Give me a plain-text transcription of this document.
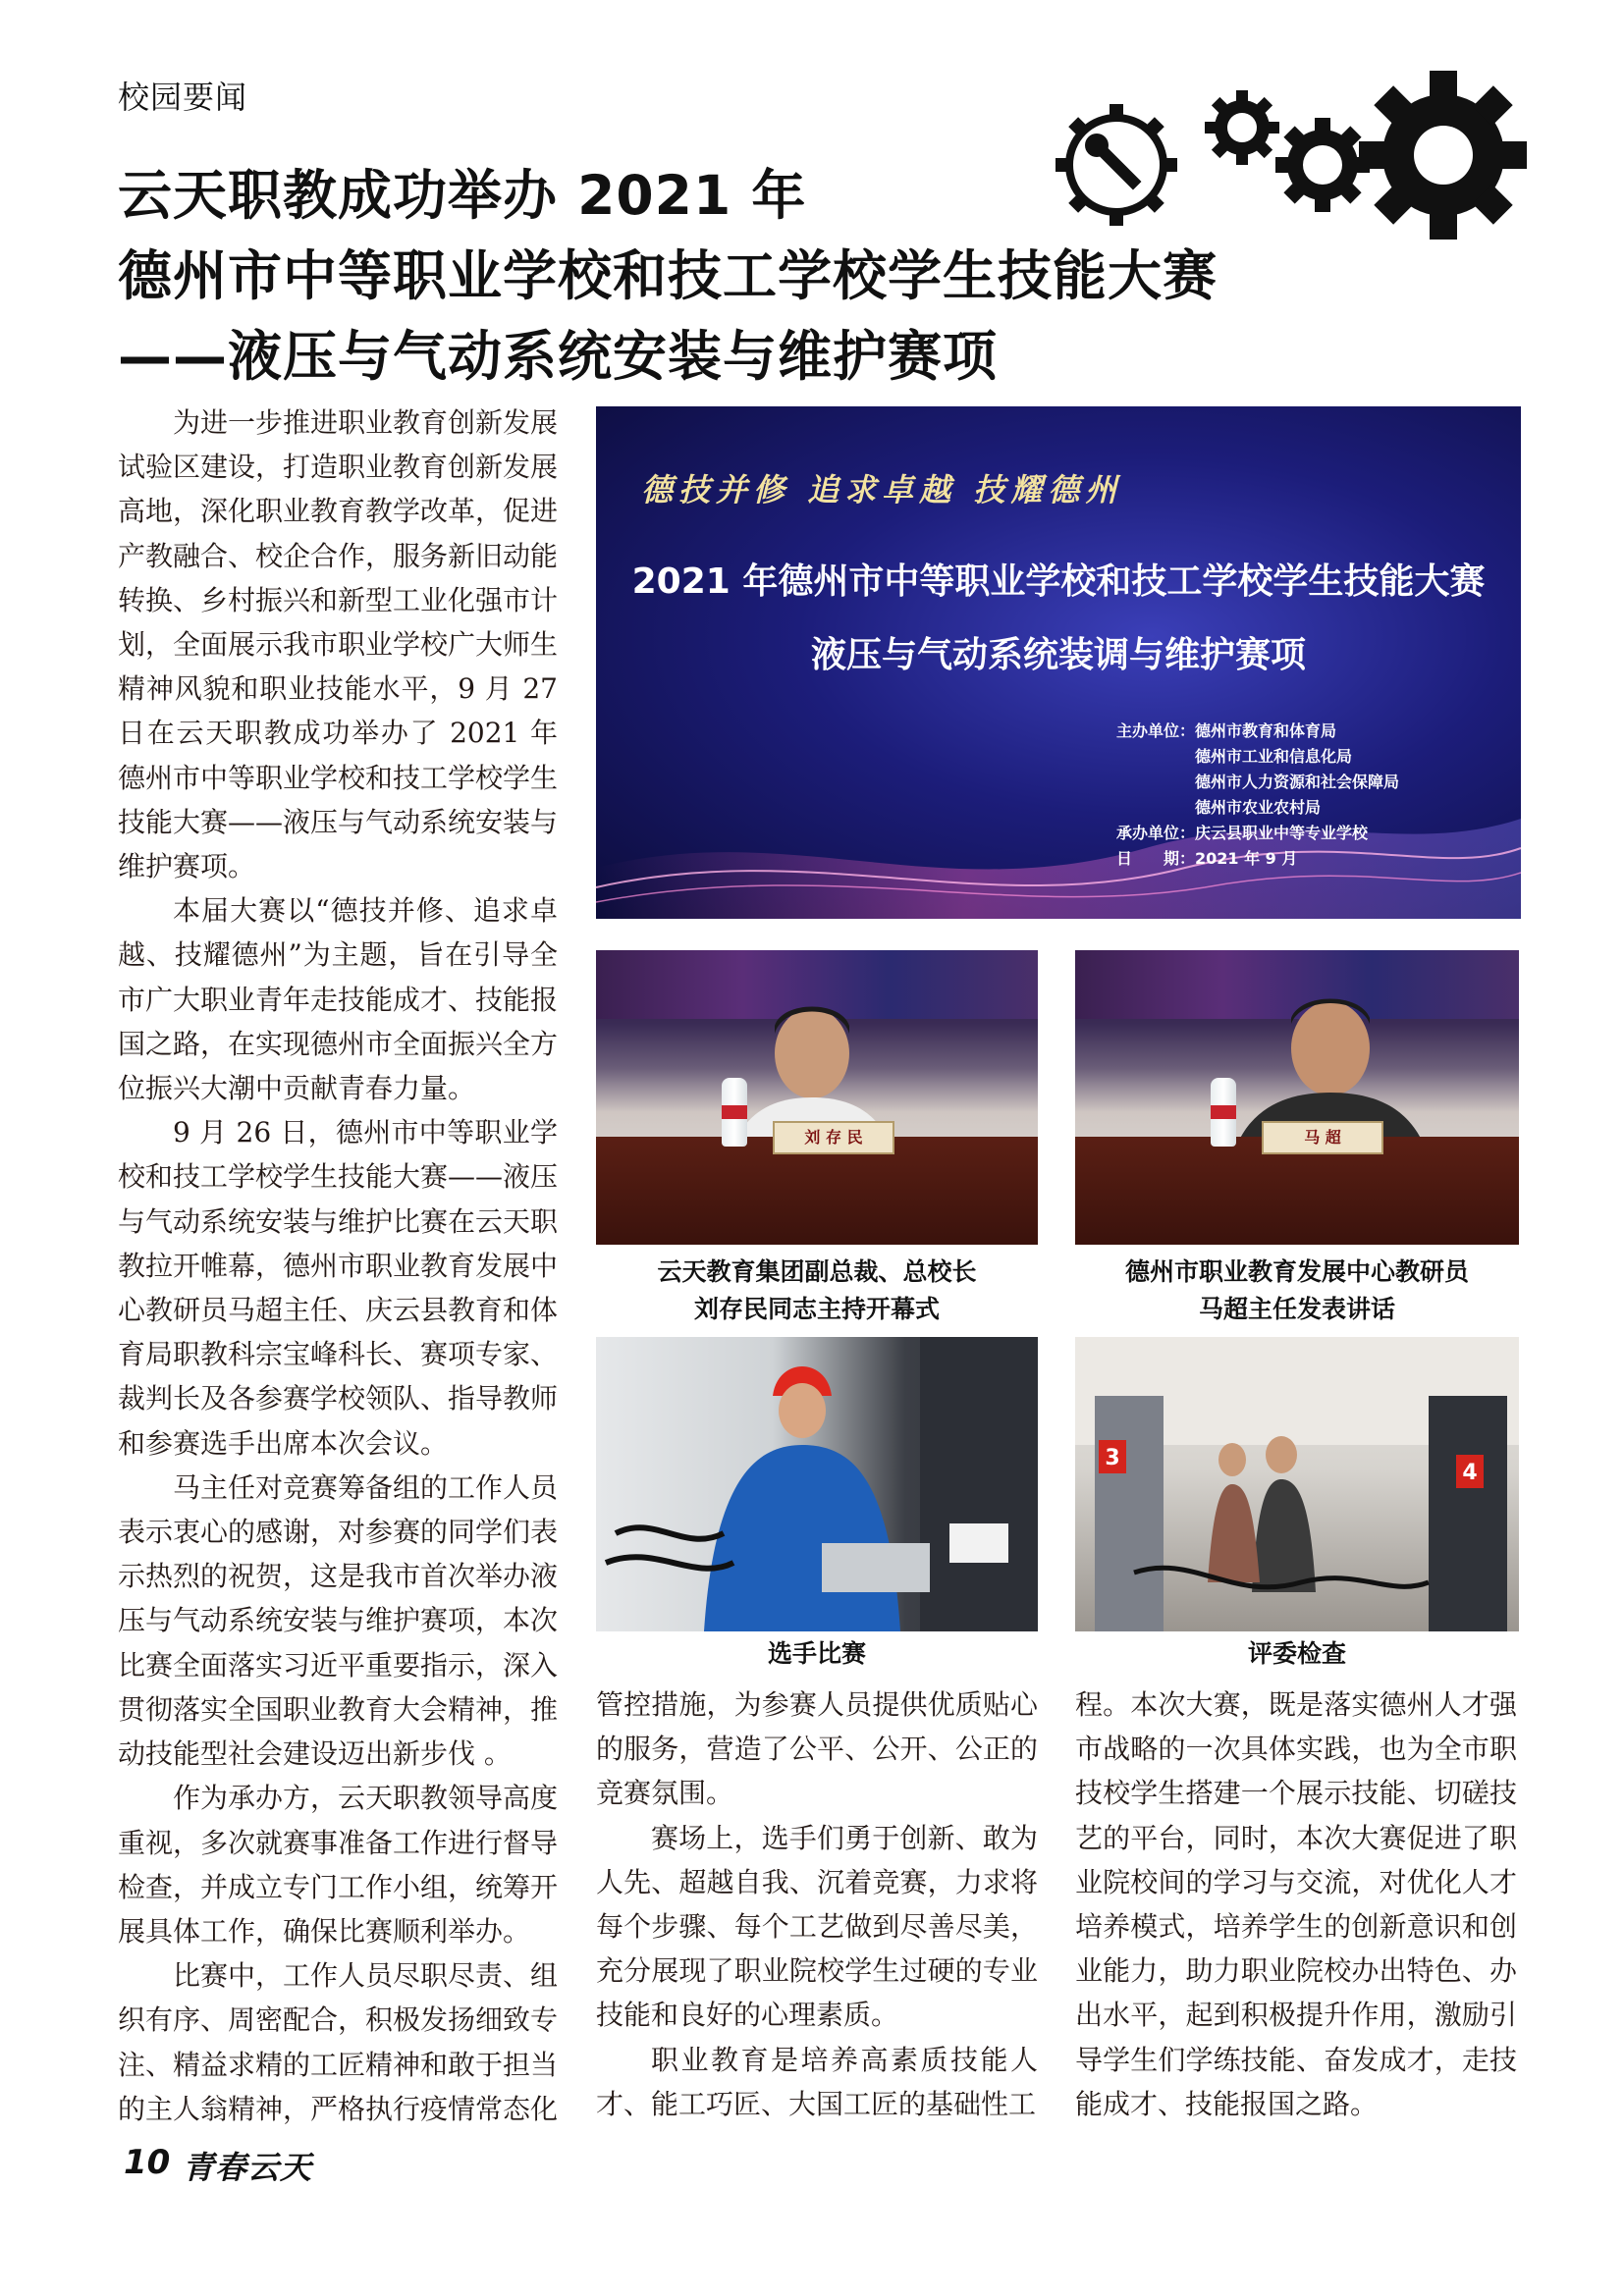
校园要闻
云天职教成功举办 2021 年
德州市中等职业学校和技工学校学生技能大赛
——液压与气动系统安装与维护赛项

为进一步推进职业教育创新发展试验区建设，打造职业教育创新发展高地，深化职业教育教学改革，促进产教融合、校企合作，服务新旧动能转换、乡村振兴和新型工业化强市计划，全面展示我市职业学校广大师生精神风貌和职业技能水平，9 月 27 日在云天职教成功举办了 2021 年德州市中等职业学校和技工学校学生技能大赛——液压与气动系统安装与维护赛项。

本届大赛以“德技并修、追求卓越、技耀德州”为主题，旨在引导全市广大职业青年走技能成才、技能报国之路，在实现德州市全面振兴全方位振兴大潮中贡献青春力量。

9 月 26 日，德州市中等职业学校和技工学校学生技能大赛——液压与气动系统安装与维护比赛在云天职教拉开帷幕，德州市职业教育发展中心教研员马超主任、庆云县教育和体育局职教科宗宝峰科长、赛项专家、裁判长及各参赛学校领队、指导教师和参赛选手出席本次会议。

马主任对竞赛筹备组的工作人员表示衷心的感谢，对参赛的同学们表示热烈的祝贺，这是我市首次举办液压与气动系统安装与维护赛项，本次比赛全面落实习近平重要指示，深入贯彻落实全国职业教育大会精神，推动技能型社会建设迈出新步伐 。

作为承办方，云天职教领导高度重视，多次就赛事准备工作进行督导检查，并成立专门工作小组，统筹开展具体工作，确保比赛顺利举办。

比赛中，工作人员尽职尽责、组织有序、周密配合，积极发扬细致专注、精益求精的工匠精神和敢于担当的主人翁精神，严格执行疫情常态化

德技并修 追求卓越 技耀德州
2021 年德州市中等职业学校和技工学校学生技能大赛
液压与气动系统装调与维护赛项
主办单位：德州市教育和体育局
德州市工业和信息化局
德州市人力资源和社会保障局
德州市农业农村局
承办单位：庆云县职业中等专业学校
日　　期：2021 年 9 月
刘 存 民
云天教育集团副总裁、总校长
刘存民同志主持开幕式
马 超
德州市职业教育发展中心教研员
马超主任发表讲话
选手比赛
3
4
评委检查

管控措施，为参赛人员提供优质贴心的服务，营造了公平、公开、公正的竞赛氛围。

赛场上，选手们勇于创新、敢为人先、超越自我、沉着竞赛，力求将每个步骤、每个工艺做到尽善尽美，充分展现了职业院校学生过硬的专业技能和良好的心理素质。

职业教育是培养高素质技能人才、能工巧匠、大国工匠的基础性工

程。本次大赛，既是落实德州人才强市战略的一次具体实践，也为全市职技校学生搭建一个展示技能、切磋技艺的平台，同时，本次大赛促进了职业院校间的学习与交流，对优化人才培养模式，培养学生的创新意识和创业能力，助力职业院校办出特色、办出水平，起到积极提升作用，激励引导学生们学练技能、奋发成才，走技能成才、技能报国之路。

10 青春云天
